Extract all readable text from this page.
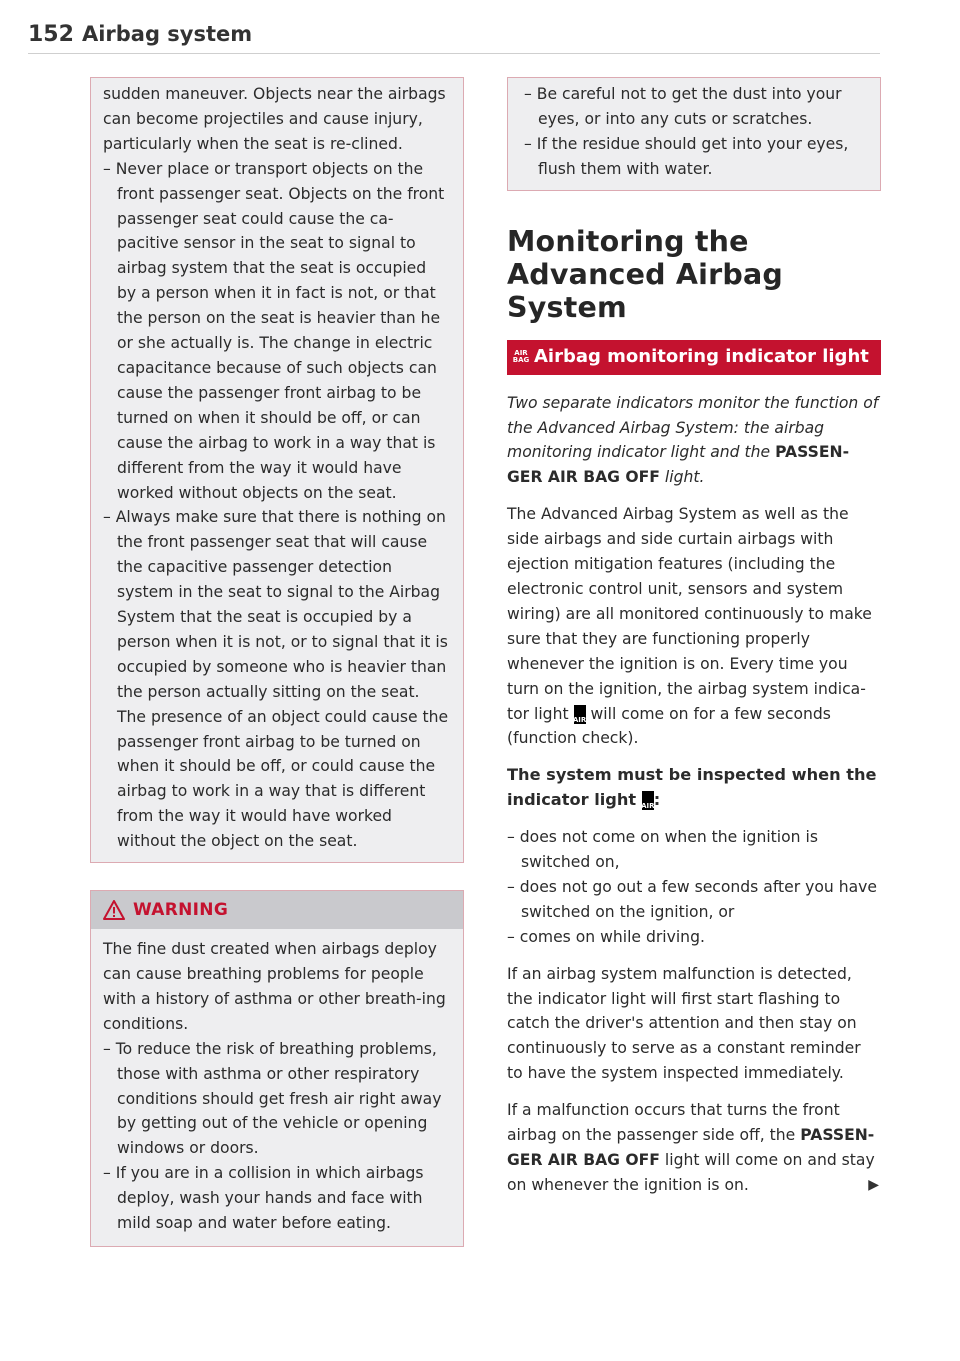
152 Airbag system

sudden maneuver. Objects near the airbags can become projectiles and cause injury, particularly when the seat is re-clined.

– Never place or transport objects on the front passenger seat. Objects on the front passenger seat could cause the ca-pacitive sensor in the seat to signal to airbag system that the seat is occupied by a person when it in fact is not, or that the person on the seat is heavier than he or she actually is. The change in electric capacitance because of such objects can cause the passenger front airbag to be turned on when it should be off, or can cause the airbag to work in a way that is different from the way it would have worked without objects on the seat.

– Always make sure that there is nothing on the front passenger seat that will cause the capacitive passenger detection system in the seat to signal to the Airbag System that the seat is occupied by a person when it is not, or to signal that it is occupied by someone who is heavier than the person actually sitting on the seat. The presence of an object could cause the passenger front airbag to be turned on when it should be off, or could cause the airbag to work in a way that is different from the way it would have worked without the object on the seat.

WARNING

The fine dust created when airbags deploy can cause breathing problems for people with a history of asthma or other breath-ing conditions.

– To reduce the risk of breathing problems, those with asthma or other respiratory conditions should get fresh air right away by getting out of the vehicle or opening windows or doors.

– If you are in a collision in which airbags deploy, wash your hands and face with mild soap and water before eating.

– Be careful not to get the dust into your eyes, or into any cuts or scratches.

– If the residue should get into your eyes, flush them with water.

Monitoring the Advanced Airbag System
AIR
BAG Airbag monitoring indicator light

Two separate indicators monitor the function of the Advanced Airbag System: the airbag monitoring indicator light and the PASSEN-GER AIR BAG OFF light.

The Advanced Airbag System as well as the side airbags and side curtain airbags with ejection mitigation features (including the electronic control unit, sensors and system wiring) are all monitored continuously to make sure that they are functioning properly whenever the ignition is on. Every time you turn on the ignition, the airbag system indica-tor light AIR
BAG
will come on for a few seconds (function check).

The system must be inspected when the indicator light AIR
BAG
:

– does not come on when the ignition is switched on,

– does not go out a few seconds after you have switched on the ignition, or

– comes on while driving.

If an airbag system malfunction is detected, the indicator light will first start flashing to catch the driver's attention and then stay on continuously to serve as a constant reminder to have the system inspected immediately.

If a malfunction occurs that turns the front airbag on the passenger side off, the PASSEN-GER AIR BAG OFF light will come on and stay on whenever the ignition is on.	▶
